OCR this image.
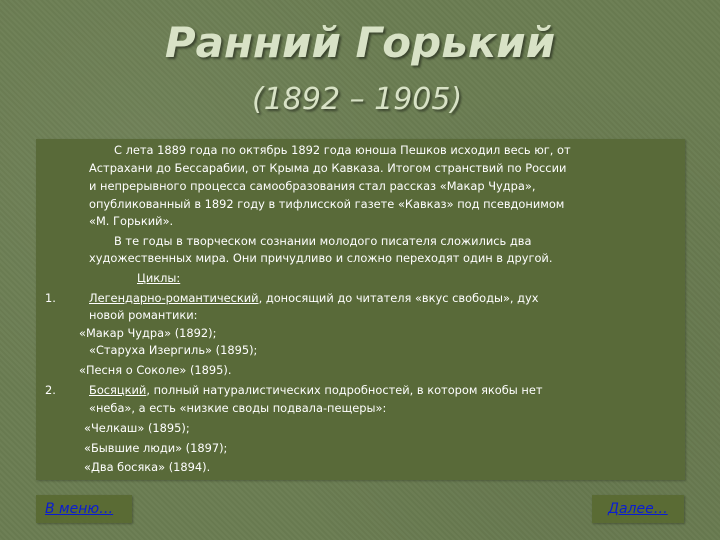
Ранний Горький
(1892 – 1905)
С лета 1889 года по октябрь 1892 года юноша Пешков исходил весь юг, от
Астрахани до Бессарабии, от Крыма до Кавказа. Итогом странствий по России
и непрерывного процесса самообразования стал рассказ «Макар Чудра»,
опубликованный в 1892 году в тифлисской газете «Кавказ» под псевдонимом
«М. Горький».
В те годы в творческом сознании молодого писателя сложились два
художественных мира. Они причудливо и сложно переходят один в другой.
Циклы:
1.	Легендарно-романтический, доносящий до читателя «вкус свободы», дух
новой романтики:
«Макар Чудра» (1892);
«Старуха Изергиль» (1895);
«Песня о Соколе» (1895).
2.	Босяцкий, полный натуралистических подробностей, в котором якобы нет
«неба», а есть «низкие своды подвала-пещеры»:
«Челкаш» (1895);
«Бывшие люди» (1897);
«Два босяка» (1894).
В меню…	Далее…
